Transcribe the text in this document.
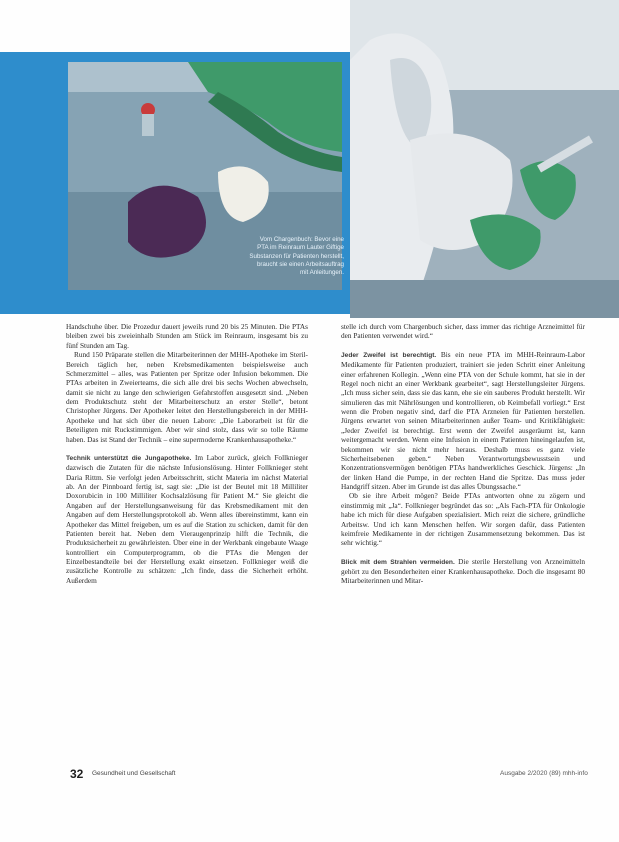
Vom Chargenbuch: Bevor eine
PTA im Reinraum Lauter Giftige
Substanzen für Patienten herstellt,
braucht sie einen Arbeitsauftrag
mit Anleitungen.

Handschuhe über. Die Prozedur dauert jeweils rund 20 bis 25 Minuten. Die PTAs bleiben zwei bis zweieinhalb Stunden am Stück im Reinraum, insgesamt bis zu fünf Stunden am Tag.

Rund 150 Präparate stellen die Mitarbeiterinnen der MHH-Apotheke im Steril-Bereich täglich her, neben Krebsmedikamenten beispielsweise auch Schmerzmittel – alles, was Patienten per Spritze oder Infusion bekommen. Die PTAs arbeiten in Zweierteams, die sich alle drei bis sechs Wochen abwechseln, damit sie nicht zu lange den schwierigen Gefahrstoffen ausgesetzt sind. „Neben dem Produktschutz steht der Mitarbeiterschutz an erster Stelle“, betont Christopher Jürgens. Der Apotheker leitet den Herstellungsbereich in der MHH-Apotheke und hat sich über die neuen Labore: „Die Laborarbeit ist für die Beteiligten mit Ruckstimmigen. Aber wir sind stolz, dass wir so tolle Räume haben. Das ist Stand der Technik – eine supermoderne Krankenhausapotheke.“

Technik unterstützt die Jungapotheke. Im Labor zurück, gleich Follknieger dazwisch die Zutaten für die nächste Infusionslösung. Hinter Follknieger steht Daria Rittm. Sie verfolgt jeden Arbeitsschritt, sticht Materia im nächst Material ab. An der Pinnboard fertig ist, sagt sie: „Die ist der Beutel mit 18 Milliliter Doxorubicin in 100 Milliliter Kochsalzlösung für Patient M.“ Sie gleicht die Angaben auf der Herstellungsanweisung für das Krebsmedikament mit den Angaben auf dem Herstellungsprotokoll ab. Wenn alles übereinstimmt, kann ein Apotheker das Mittel freigeben, um es auf die Station zu schicken, damit für den Patienten bereit hat. Neben dem Vieraugenprinzip hilft die Technik, die Produktsicherheit zu gewährleisten. Über eine in der Werkbank eingebaute Waage kontrolliert ein Computerprogramm, ob die PTAs die Mengen der Einzelbestandteile bei der Herstellung exakt einsetzen. Follknieger weiß die zusätzliche Kontrolle zu schätzen: „Ich finde, dass die Sicherheit erhöht. Außerdem

stelle ich durch vom Chargenbuch sicher, dass immer das richtige Arzneimittel für den Patienten verwendet wird.“

Jeder Zweifel ist berechtigt. Bis ein neue PTA im MHH-Reinraum-Labor Medikamente für Patienten produziert, trainiert sie jeden Schritt einer Anleitung einer erfahrenen Kollegin. „Wenn eine PTA von der Schule kommt, hat sie in der Regel noch nicht an einer Werkbank gearbeitet“, sagt Herstellungsleiter Jürgens. „Ich muss sicher sein, dass sie das kann, ehe sie ein sauberes Produkt herstellt. Wir simulieren das mit Nährlösungen und kontrollieren, ob Keimbefall vorliegt.“ Erst wenn die Proben negativ sind, darf die PTA Arzneien für Patienten herstellen. Jürgens erwartet von seinen Mitarbeiterinnen außer Team- und Kritikfähigkeit: „Jeder Zweifel ist berechtigt. Erst wenn der Zweifel ausgeräumt ist, kann weitergemacht werden. Wenn eine Infusion in einem Patienten hineingelaufen ist, bekommen wir sie nicht mehr heraus. Deshalb muss es ganz viele Sicherheitsebenen geben.“ Neben Verantwortungsbewusstsein und Konzentrationsvermögen benötigen PTAs handwerkliches Geschick. Jürgens: „In der linken Hand die Pumpe, in der rechten Hand die Spritze. Das muss jeder Handgriff sitzen. Aber im Grunde ist das alles Übungssache.“

Ob sie ihre Arbeit mögen? Beide PTAs antworten ohne zu zögern und einstimmig mit „Ja“. Follknieger begründet das so: „Als Fach-PTA für Onkologie habe ich mich für diese Aufgaben spezialisiert. Mich reizt die sichere, gründliche Arbeitsw. Und ich kann Menschen helfen. Wir sorgen dafür, dass Patienten keimfreie Medikamente in der richtigen Zusammensetzung bekommen. Das ist sehr wichtig.“

Blick mit dem Strahlen vermeiden. Die sterile Herstellung von Arzneimitteln gehört zu den Besonderheiten einer Krankenhausapotheke. Doch die insgesamt 80 Mitarbeiterinnen und Mitar-

32 Gesundheit und Gesellschaft	Ausgabe 2/2020 (89) mhh-info
